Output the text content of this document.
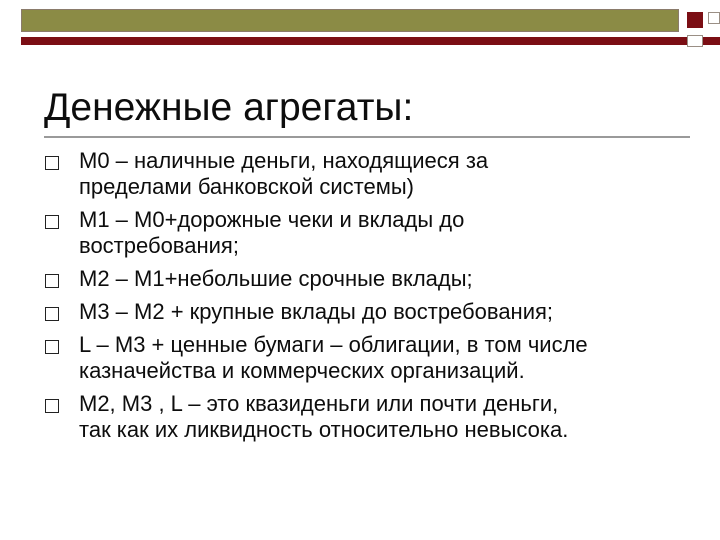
Денежные агрегаты:
М0 – наличные деньги, находящиеся за
пределами банковской системы)
М1 – М0+дорожные чеки и вклады до
востребования;
М2 – М1+небольшие срочные вклады;
М3 – М2 + крупные вклады до востребования;
L – М3 + ценные бумаги – облигации, в том числе
казначейства и коммерческих организаций.
М2, М3 , L – это квазиденьги или почти деньги,
так как их ликвидность относительно невысока.
